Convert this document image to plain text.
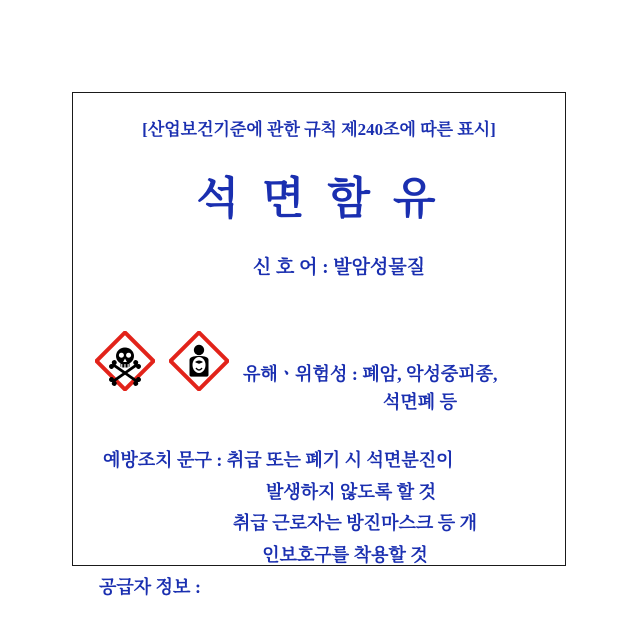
[산업보건기준에 관한 규칙 제240조에 따른 표시]
석 면 함 유
신 호 어 : 발암성물질
유해ㆍ위험성 : 폐암, 악성중피종,
석면폐 등
예방조치 문구 : 취급 또는 폐기 시 석면분진이
발생하지 않도록 할 것
취급 근로자는 방진마스크 등 개
인보호구를 착용할 것
공급자 정보 :
